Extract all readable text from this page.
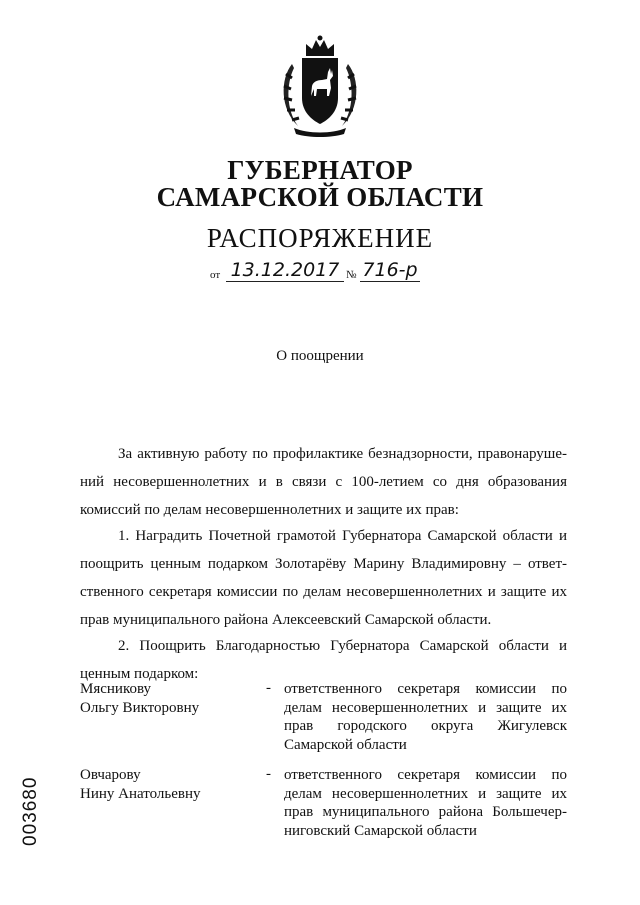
ГУБЕРНАТОР
САМАРСКОЙ ОБЛАСТИ
РАСПОРЯЖЕНИЕ
от 13.12.2017 № 716-р
О поощрении
За активную работу по профилактике безнадзорности, правонаруше-
ний несовершеннолетних и в связи с 100-летием со дня образования
комиссий по делам несовершеннолетних и защите их прав:
1. Наградить Почетной грамотой Губернатора Самарской области и
поощрить ценным подарком Золотарёву Марину Владимировну – ответ-
ственного секретаря комиссии по делам несовершеннолетних и защите их
прав муниципального района Алексеевский Самарской области.
2. Поощрить Благодарностью Губернатора Самарской области и
ценным подарком:
Мясникову
Ольгу Викторовну
- ответственного секретаря комиссии по
делам несовершеннолетних и защите их
прав городского округа Жигулевск
Самарской области
Овчарову
Нину Анатольевну
- ответственного секретаря комиссии по
делам несовершеннолетних и защите их
прав муниципального района Большечер-
ниговский Самарской области
003680
